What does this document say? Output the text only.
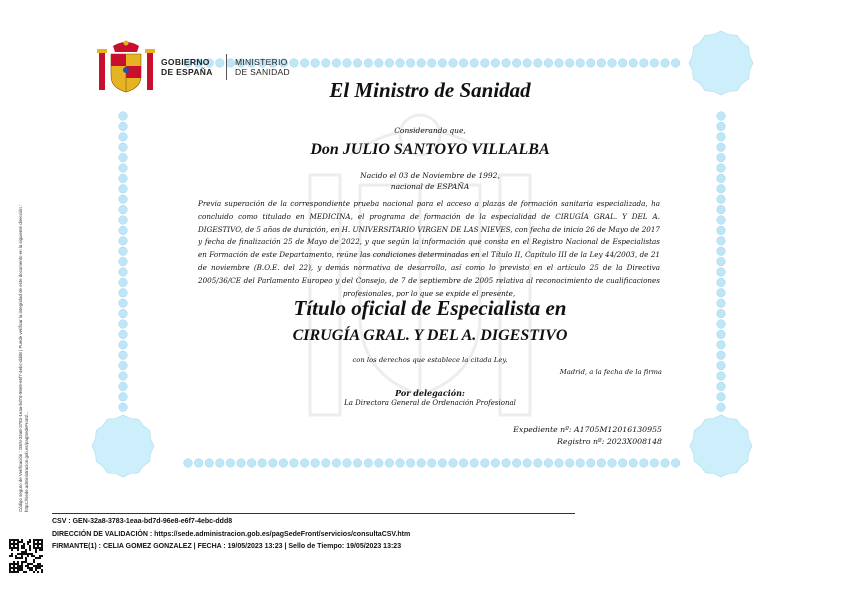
GOBIERNO
DE ESPAÑA
MINISTERIO
DE SANIDAD
El Ministro de Sanidad
Considerando que,
Don JULIO SANTOYO VILLALBA
Nacido el 03 de Noviembre de 1992,
nacional de ESPAÑA
Previa superación de la correspondiente prueba nacional para el acceso a plazas de formación sanitaria especializada, ha concluido como titulado en MEDICINA, el programa de formación de la especialidad de CIRUGÍA GRAL. Y DEL A. DIGESTIVO, de 5 años de duración, en H. UNIVERSITARIO VIRGEN DE LAS NIEVES, con fecha de inicio 26 de Mayo de 2017 y fecha de finalización 25 de Mayo de 2022, y que según la información que consta en el Registro Nacional de Especialistas en Formación de este Departamento, reúne las condiciones determinadas en el Título II, Capítulo III de la Ley 44/2003, de 21 de noviembre (B.O.E. del 22), y demás normativa de desarrollo, así como lo previsto en el artículo 25 de la Directiva 2005/36/CE del Parlamento Europeo y del Consejo, de 7 de septiembre de 2005 relativa al reconocimiento de cualificaciones profesionales, por lo que se expide el presente,
Título oficial de Especialista en
CIRUGÍA GRAL. Y DEL A. DIGESTIVO
con los derechos que establece la citada Ley.
Madrid, a la fecha de la firma
Por delegación:
La Directora General de Ordenación Profesional
Expediente nº: A1705M12016130955
Registro nº: 2023X008148
Código seguro de Verificación : GEN-32a8-3783-1eaa-bd7d-96e8-e6f7-4ebc-ddd8 | Puede verificar la integridad de este documento en la siguiente dirección : https://sede.administracion.gob.es/pagSedeFront/...
CSV : GEN-32a8-3783-1eaa-bd7d-96e8-e6f7-4ebc-ddd8
DIRECCIÓN DE VALIDACIÓN : https://sede.administracion.gob.es/pagSedeFront/servicios/consultaCSV.htm
FIRMANTE(1) : CELIA GOMEZ GONZALEZ | FECHA : 19/05/2023 13:23 | Sello de Tiempo: 19/05/2023 13:23
